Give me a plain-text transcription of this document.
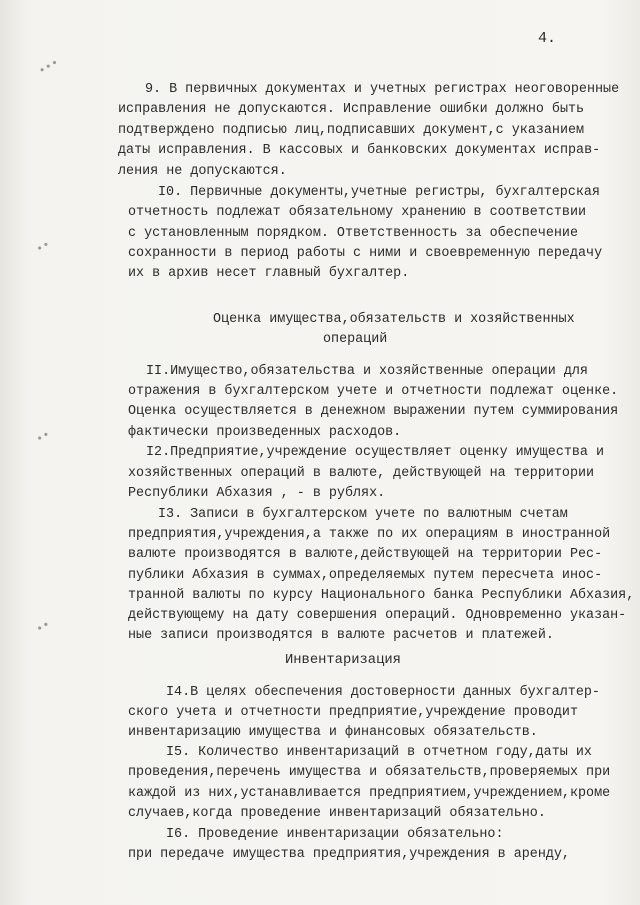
•••
••
••
••
4.
9. В первичных документах и учетных регистрах неоговоренные
исправления не допускаются. Исправление ошибки должно быть
подтверждено подписью лиц,подписавших документ,с указанием
даты исправления. В кассовых и банковских документах исправ-
ления не допускаются.
I0. Первичные документы,учетные регистры, бухгалтерская
отчетность подлежат обязательному хранению в соответствии
с установленным порядком. Ответственность за обеспечение
сохранности в период работы с ними и своевременную передачу
их в архив несет главный бухгалтер.
Оценка имущества,обязательств и хозяйственных
операций
II.Имущество,обязательства и хозяйственные операции для
отражения в бухгалтерском учете и отчетности подлежат оценке.
Оценка осуществляется в денежном выражении путем суммирования
фактически произведенных расходов.
I2.Предприятие,учреждение осуществляет оценку имущества и
хозяйственных операций в валюте, действующей на территории
Республики Абхазия , - в рублях.
I3. Записи в бухгалтерском учете по валютным счетам
предприятия,учреждения,а также по их операциям в иностранной
валюте производятся в валюте,действующей на территории Рес-
публики Абхазия в суммах,определяемых путем пересчета инос-
транной валюты по курсу Национального банка Республики Абхазия,
действующему на дату совершения операций. Одновременно указан-
ные записи производятся в валюте расчетов и платежей.
Инвентаризация
I4.В целях обеспечения достоверности данных бухгалтер-
ского учета и отчетности предприятие,учреждение проводит
инвентаризацию имущества и финансовых обязательств.
I5. Количество инвентаризаций в отчетном году,даты их
проведения,перечень имущества и обязательств,проверяемых при
каждой из них,устанавливается предприятием,учреждением,кроме
случаев,когда проведение инвентаризаций обязательно.
I6. Проведение инвентаризации обязательно:
при передаче имущества предприятия,учреждения в аренду,
